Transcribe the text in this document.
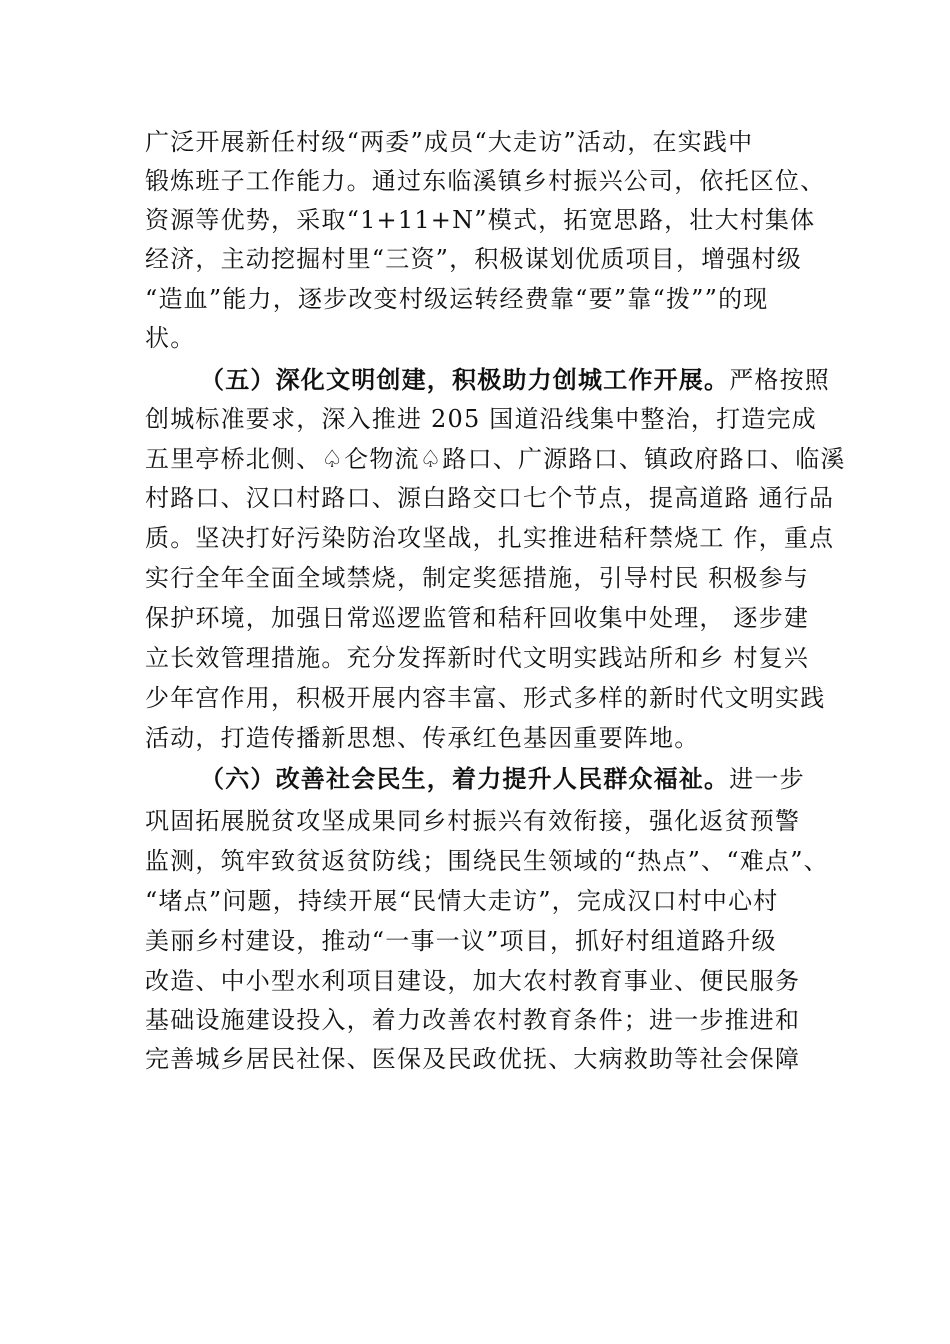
广泛开展新任村级“两委”成员“大走访”活动，在实践中
锻炼班子工作能力。通过东临溪镇乡村振兴公司，依托区位、
资源等优势，采取“1+11+N”模式，拓宽思路，壮大村集体
经济，主动挖掘村里“三资”，积极谋划优质项目，增强村级
“造血”能力，逐步改变村级运转经费靠“要”靠“拨””的现
状。
（五）深化文明创建，积极助力创城工作开展。严格按照
创城标准要求，深入推进 205 国道沿线集中整治，打造完成
五里亭桥北侧、♤仑物流♤路口、广源路口、镇政府路口、临溪
村路口、汉口村路口、源白路交口七个节点，提高道路 通行品
质。坚决打好污染防治攻坚战，扎实推进秸秆禁烧工 作，重点
实行全年全面全域禁烧，制定奖惩措施，引导村民 积极参与
保护环境，加强日常巡逻监管和秸秆回收集中处理， 逐步建
立长效管理措施。充分发挥新时代文明实践站所和乡 村复兴
少年宫作用，积极开展内容丰富、形式多样的新时代文明实践
活动，打造传播新思想、传承红色基因重要阵地。
（六）改善社会民生，着力提升人民群众福祉。进一步
巩固拓展脱贫攻坚成果同乡村振兴有效衔接，强化返贫预警
监测，筑牢致贫返贫防线；围绕民生领域的“热点”、“难点”、
“堵点”问题，持续开展“民情大走访”，完成汉口村中心村
美丽乡村建设，推动“一事一议”项目，抓好村组道路升级
改造、中小型水利项目建设，加大农村教育事业、便民服务
基础设施建设投入，着力改善农村教育条件；进一步推进和
完善城乡居民社保、医保及民政优抚、大病救助等社会保障
